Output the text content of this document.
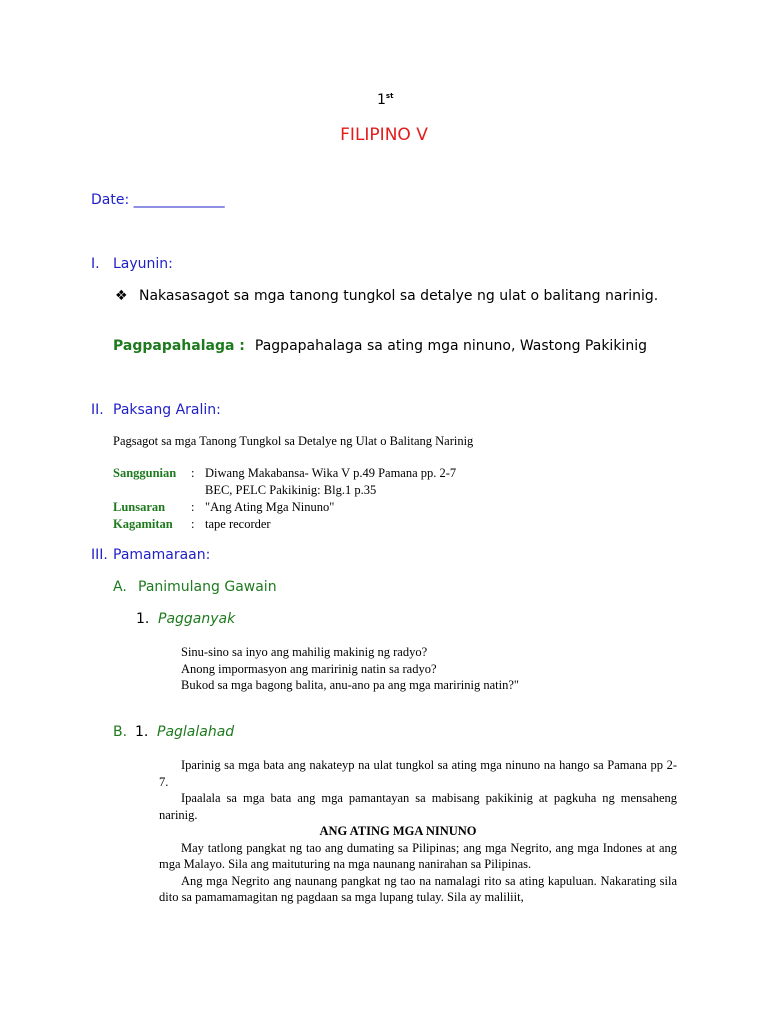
1st
FILIPINO V
Date: _____________
I. Layunin:
❖ Nakasasagot sa mga tanong tungkol sa detalye ng ulat o balitang narinig.
Pagpapahalaga : Pagpapahalaga sa ating mga ninuno, Wastong Pakikinig
II. Paksang Aralin:
Pagsagot sa mga Tanong Tungkol sa Detalye ng Ulat o Balitang Narinig
Sanggunian	: Diwang Makabansa- Wika V p.49 Pamana pp. 2-7
BEC, PELC Pakikinig: Blg.1 p.35
Lunsaran	: "Ang Ating Mga Ninuno"
Kagamitan	: tape recorder
III. Pamamaraan:
A. Panimulang Gawain
1. Pagganyak
Sinu-sino sa inyo ang mahilig makinig ng radyo?
Anong impormasyon ang maririnig natin sa radyo?
Bukod sa mga bagong balita, anu-ano pa ang mga maririnig natin?"
B. 1. Paglalahad

Iparinig sa mga bata ang nakateyp na ulat tungkol sa ating mga ninuno na hango sa Pamana pp 2-7.

Ipaalala sa mga bata ang mga pamantayan sa mabisang pakikinig at pagkuha ng mensaheng narinig.

ANG ATING MGA NINUNO

May tatlong pangkat ng tao ang dumating sa Pilipinas; ang mga Negrito, ang mga Indones at ang mga Malayo. Sila ang maituturing na mga naunang nanirahan sa Pilipinas.

Ang mga Negrito ang naunang pangkat ng tao na namalagi rito sa ating kapuluan. Nakarating sila dito sa pamamamagitan ng pagdaan sa mga lupang tulay. Sila ay maliliit,
